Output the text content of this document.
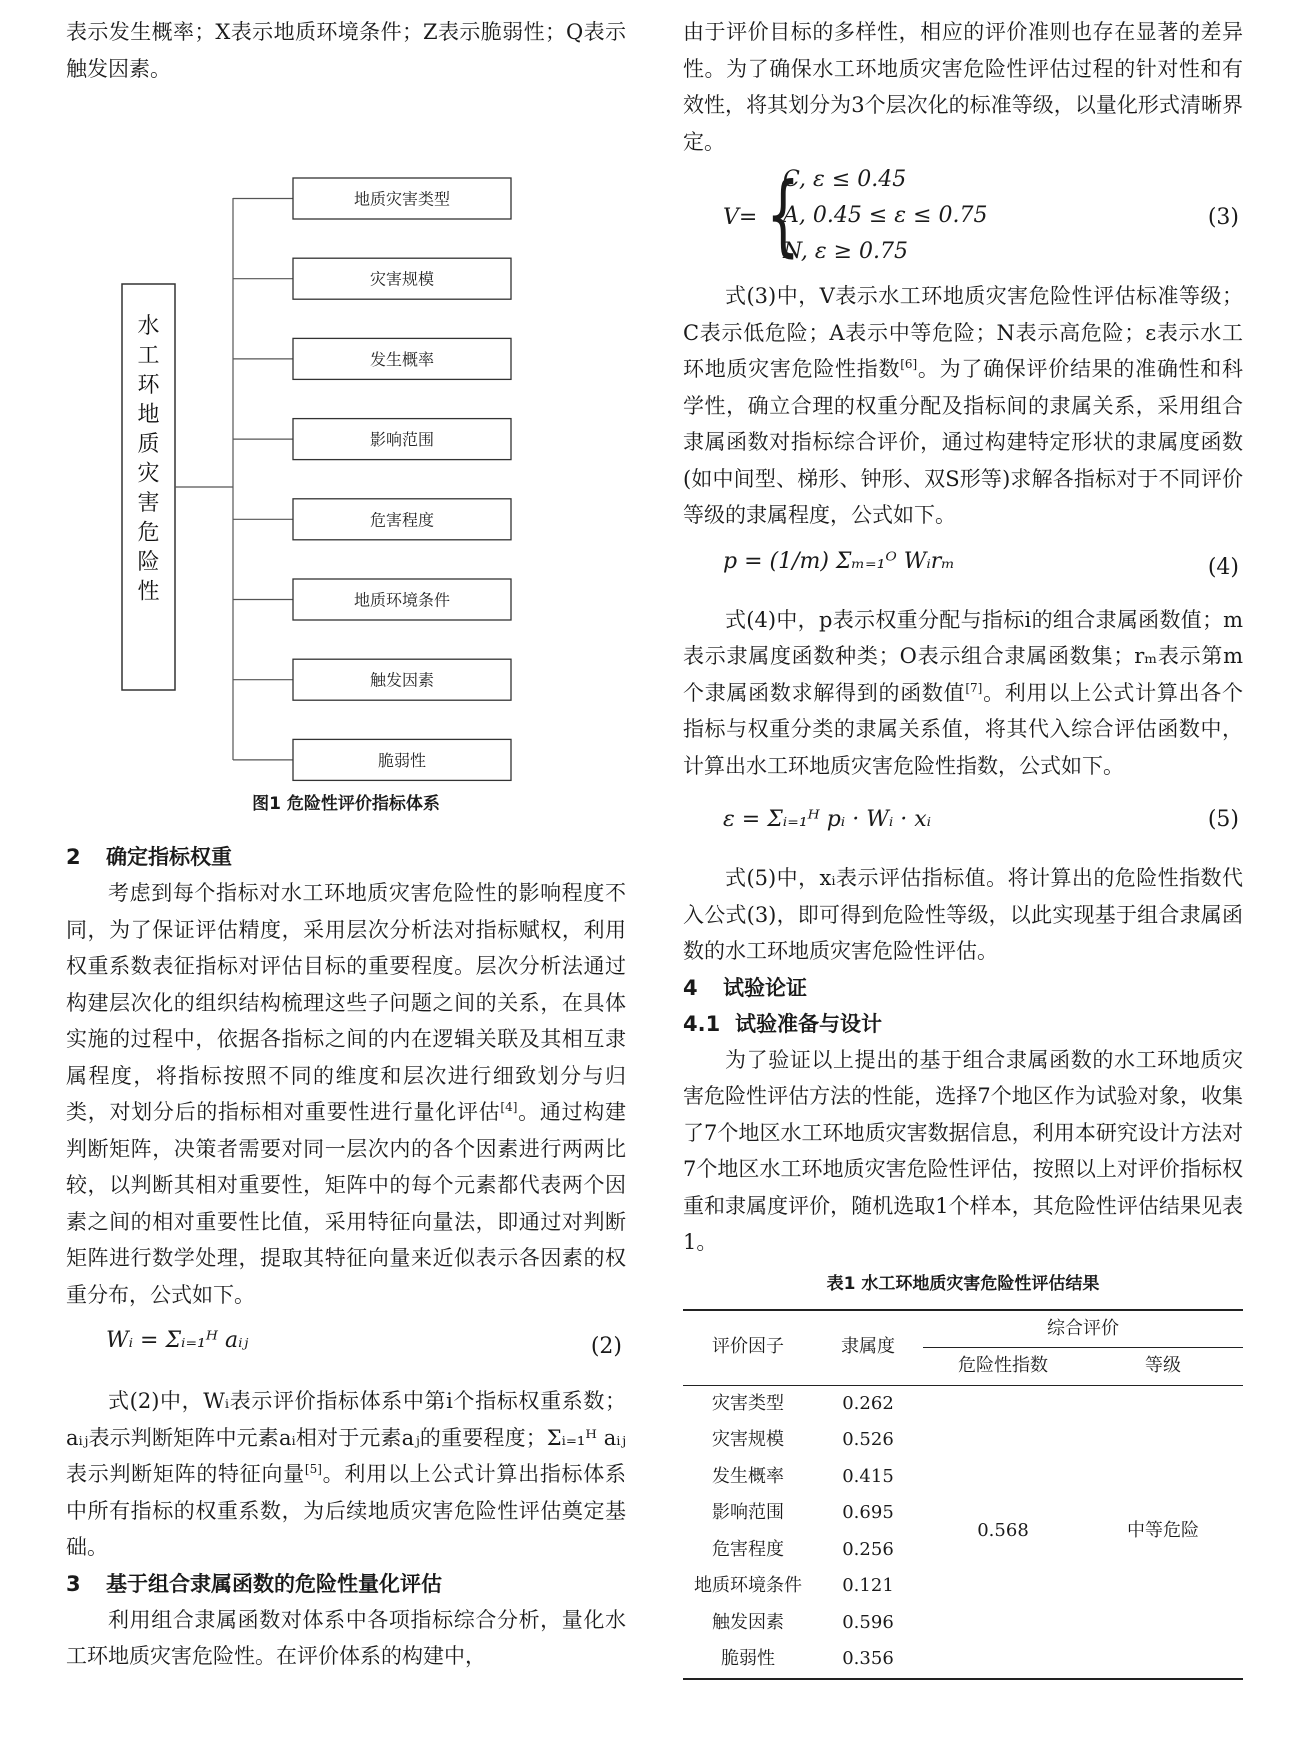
表示发生概率；X表示地质环境条件；Z表示脆弱性；Q表示触发因素。

水
工
环
地
质
灾
害
危
险
性
地质灾害类型
灾害规模
发生概率
影响范围
危害程度
地质环境条件
触发因素
脆弱性
图1 危险性评价指标体系
2 确定指标权重

考虑到每个指标对水工环地质灾害危险性的影响程度不同，为了保证评估精度，采用层次分析法对指标赋权，利用权重系数表征指标对评估目标的重要程度。层次分析法通过构建层次化的组织结构梳理这些子问题之间的关系，在具体实施的过程中，依据各指标之间的内在逻辑关联及其相互隶属程度，将指标按照不同的维度和层次进行细致划分与归类，对划分后的指标相对重要性进行量化评估[4]。通过构建判断矩阵，决策者需要对同一层次内的各个因素进行两两比较，以判断其相对重要性，矩阵中的每个元素都代表两个因素之间的相对重要性比值，采用特征向量法，即通过对判断矩阵进行数学处理，提取其特征向量来近似表示各因素的权重分布，公式如下。

Wᵢ = Σᵢ₌₁ᴴ aᵢⱼ	(2)

式(2)中，Wᵢ表示评价指标体系中第i个指标权重系数；aᵢⱼ表示判断矩阵中元素aᵢ相对于元素aⱼ的重要程度；Σᵢ₌₁ᴴ aᵢⱼ表示判断矩阵的特征向量[5]。利用以上公式计算出指标体系中所有指标的权重系数，为后续地质灾害危险性评估奠定基础。

3 基于组合隶属函数的危险性量化评估

利用组合隶属函数对体系中各项指标综合分析，量化水工环地质灾害危险性。在评价体系的构建中，

由于评价目标的多样性，相应的评价准则也存在显著的差异性。为了确保水工环地质灾害危险性评估过程的针对性和有效性，将其划分为3个层次化的标准等级，以量化形式清晰界定。

V= {
C, ε ≤ 0.45
A, 0.45 ≤ ε ≤ 0.75
N, ε ≥ 0.75
(3)

式(3)中，V表示水工环地质灾害危险性评估标准等级；C表示低危险；A表示中等危险；N表示高危险；ε表示水工环地质灾害危险性指数[6]。为了确保评价结果的准确性和科学性，确立合理的权重分配及指标间的隶属关系，采用组合隶属函数对指标综合评价，通过构建特定形状的隶属度函数(如中间型、梯形、钟形、双S形等)求解各指标对于不同评价等级的隶属程度，公式如下。

p = (1/m) Σₘ₌₁ᴼ Wᵢrₘ	(4)

式(4)中，p表示权重分配与指标i的组合隶属函数值；m表示隶属度函数种类；O表示组合隶属函数集；rₘ表示第m个隶属函数求解得到的函数值[7]。利用以上公式计算出各个指标与权重分类的隶属关系值，将其代入综合评估函数中，计算出水工环地质灾害危险性指数，公式如下。

ε = Σᵢ₌₁ᴴ pᵢ · Wᵢ · xᵢ	(5)

式(5)中，xᵢ表示评估指标值。将计算出的危险性指数代入公式(3)，即可得到危险性等级，以此实现基于组合隶属函数的水工环地质灾害危险性评估。

4 试验论证
4.1 试验准备与设计

为了验证以上提出的基于组合隶属函数的水工环地质灾害危险性评估方法的性能，选择7个地区作为试验对象，收集了7个地区水工环地质灾害数据信息，利用本研究设计方法对7个地区水工环地质灾害危险性评估，按照以上对评价指标权重和隶属度评价，随机选取1个样本，其危险性评估结果见表1。

表1 水工环地质灾害危险性评估结果
评价因子	隶属度	综合评价	
		危险性指数	等级
灾害类型	0.262	0.568	中等危险
灾害规模	0.526		
发生概率	0.415		
影响范围	0.695		
危害程度	0.256		
地质环境条件	0.121		
触发因素	0.596		
脆弱性	0.356		
